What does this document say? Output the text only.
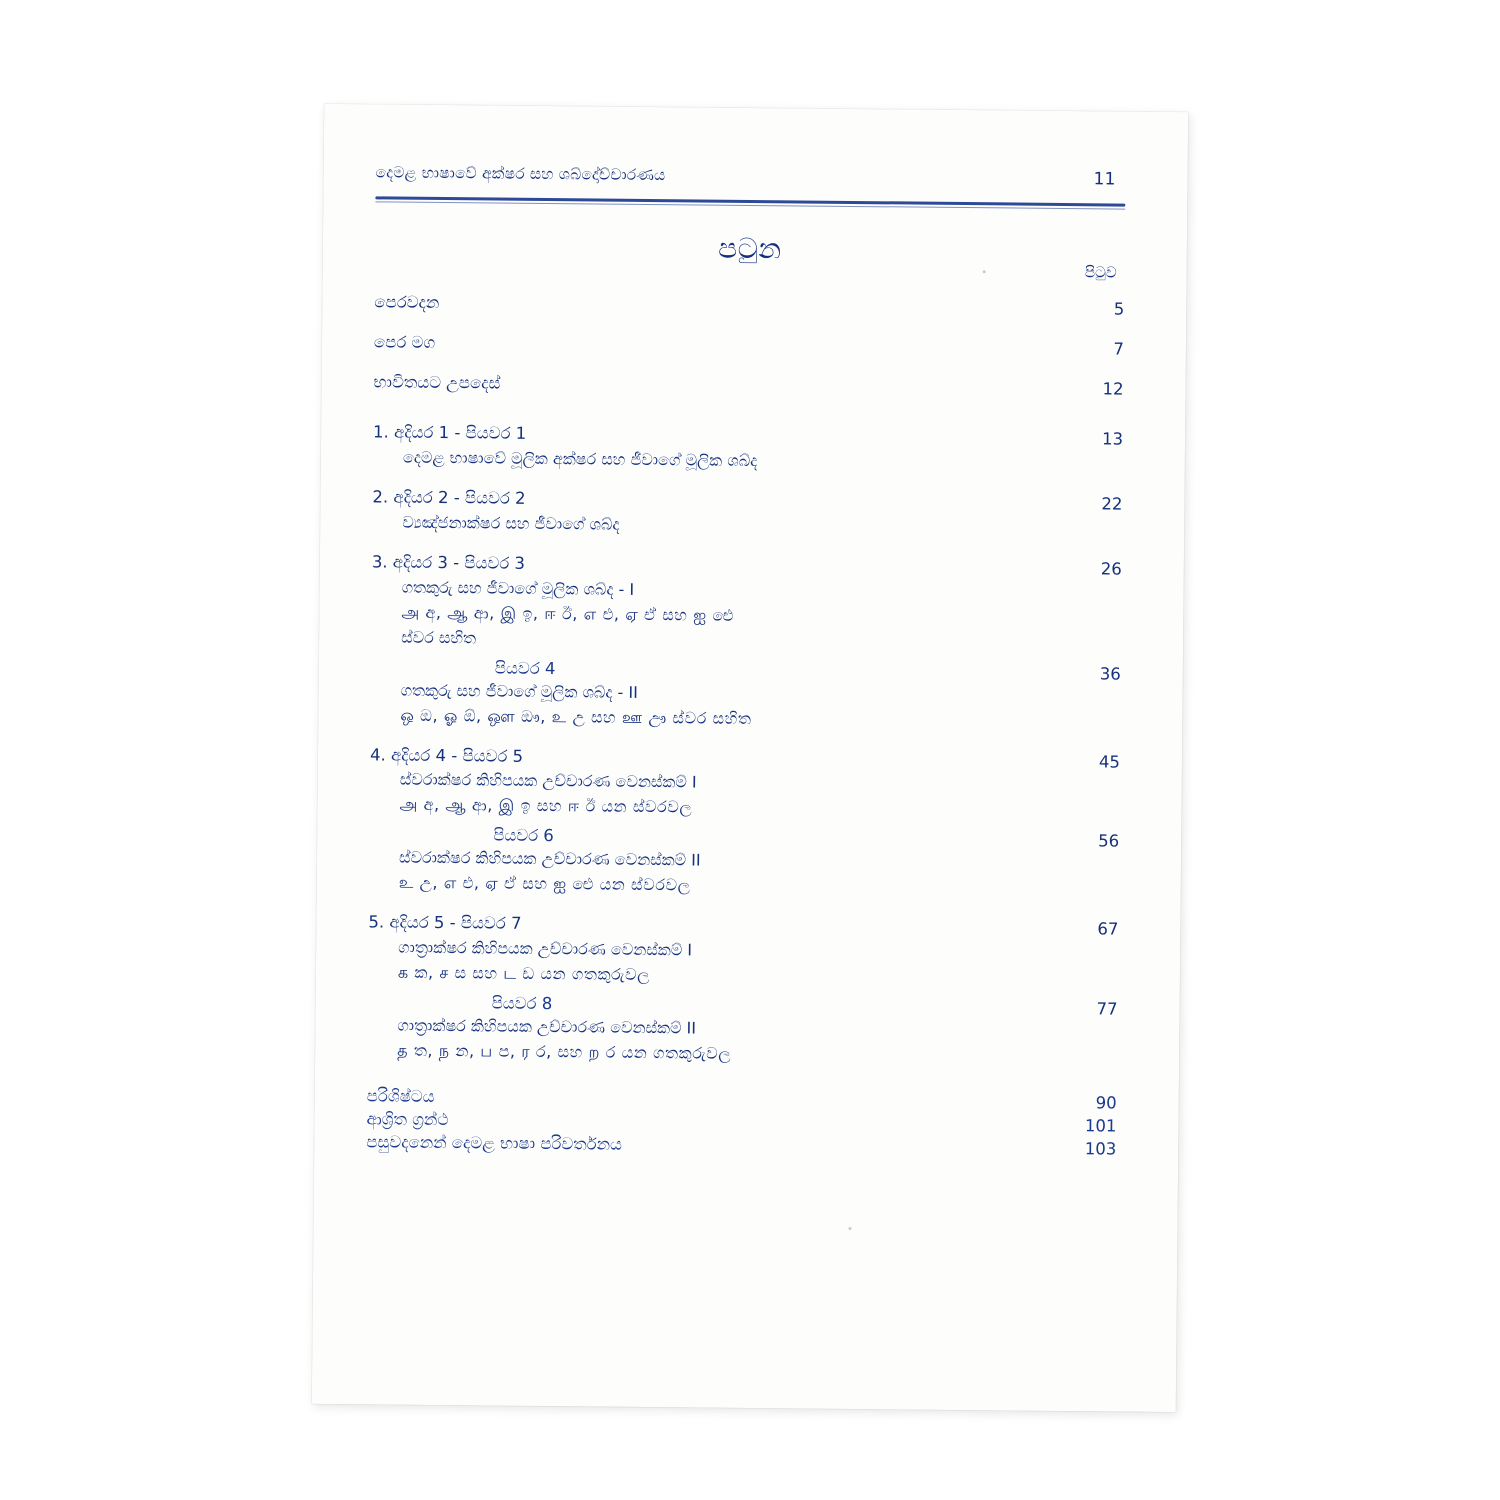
දෙමළ භාෂාවේ අක්ෂර සහ ශබ්දෝච්චාරණය	11
පටුන
පිටුව
පෙරවදන	5
පෙර මග	7
භාවිතයට උපදෙස්	12
1. අදියර 1 - පියවර 1	13
දෙමළ භාෂාවේ මූලික අක්ෂර සහ ජීවාගේ මූලික ශබ්ද
2. අදියර 2 - පියවර 2	22
ව්‍යඤ්ජනාක්ෂර සහ ජීවාගේ ශබ්ද
3. අදියර 3 - පියවර 3	26
ගතකුරු සහ ජීවාගේ මූලික ශබ්ද - I
அ අ, ஆ ආ, இ ඉ, ஈ ඊ, எ එ, ஏ ඒ සහ ஐ ඓ
ස්වර සහිත
පියවර 4	36
ගතකුරු සහ ජීවාගේ මූලික ශබ්ද - II
ஒ ඔ, ஓ ඕ, ஔ ඖ, உ උ සහ ஊ ඌ ස්වර සහිත
4. අදියර 4 - පියවර 5	45
ස්වරාක්ෂර කිහිපයක උච්චාරණ වෙනස්කම් I
அ අ, ஆ ආ, இ ඉ සහ ஈ ඊ යන ස්වරවල
පියවර 6	56
ස්වරාක්ෂර කිහිපයක උච්චාරණ වෙනස්කම් II
உ උ, எ එ, ஏ ඒ සහ ஐ ඓ යන ස්වරවල
5. අදියර 5 - පියවර 7	67
ගාත්‍රාක්ෂර කිහිපයක උච්චාරණ වෙනස්කම් I
க ක, ச ස සහ ட ඩ යන ගතකුරුවල
පියවර 8	77
ගාත්‍රාක්ෂර කිහිපයක උච්චාරණ වෙනස්කම් II
த ත, ந න, ப ප, ர ර, සහ ற ර යන ගතකුරුවල
පරිශිෂ්ටය	90
ආශ්‍රිත ග්‍රන්ථ	101
පසුවදනෙන් දෙමළ භාෂා පරිවර්තනය	103
